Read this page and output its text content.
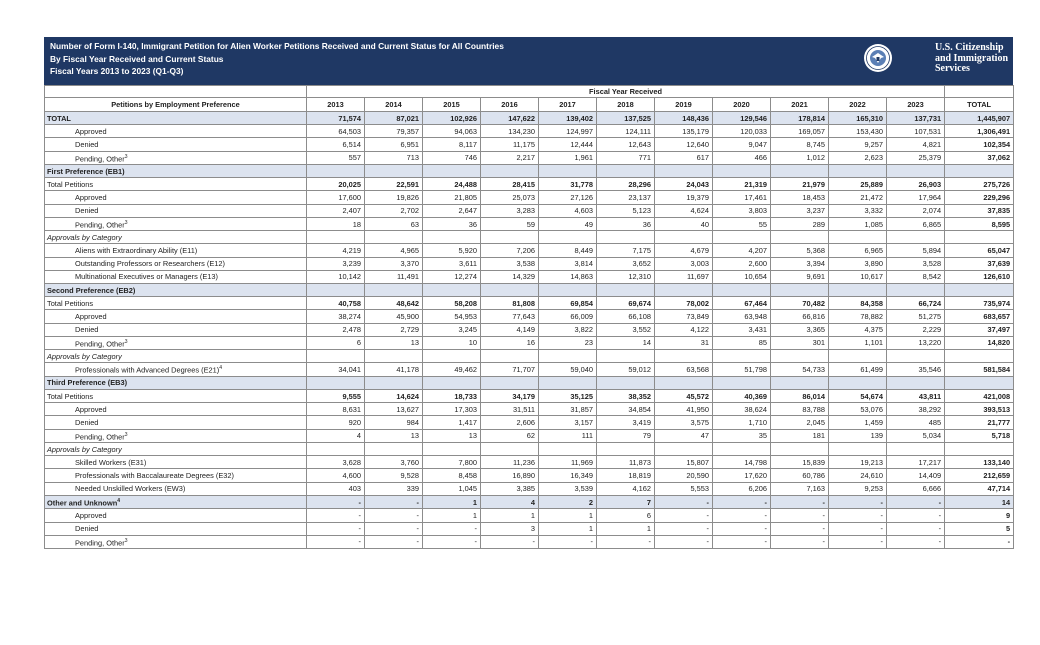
Number of Form I-140, Immigrant Petition for Alien Worker Petitions Received and Current Status for All Countries
By Fiscal Year Received and Current Status
Fiscal Years 2013 to 2023 (Q1-Q3)
U.S. Citizenship
and Immigration
Services
	Fiscal Year Received											
Petitions by Employment Preference	2013	2014	2015	2016	2017	2018	2019	2020	2021	2022	2023	TOTAL
TOTAL	71,574	87,021	102,926	147,622	139,402	137,525	148,436	129,546	178,814	165,310	137,731	1,445,907
Approved	64,503	79,357	94,063	134,230	124,997	124,111	135,179	120,033	169,057	153,430	107,531	1,306,491
Denied	6,514	6,951	8,117	11,175	12,444	12,643	12,640	9,047	8,745	9,257	4,821	102,354
Pending, Other$^3$	557	713	746	2,217	1,961	771	617	466	1,012	2,623	25,379	37,062
First Preference (EB1)												
Total Petitions	20,025	22,591	24,488	28,415	31,778	28,296	24,043	21,319	21,979	25,889	26,903	275,726
Approved	17,600	19,826	21,805	25,073	27,126	23,137	19,379	17,461	18,453	21,472	17,964	229,296
Denied	2,407	2,702	2,647	3,283	4,603	5,123	4,624	3,803	3,237	3,332	2,074	37,835
Pending, Other$^3$	18	63	36	59	49	36	40	55	289	1,085	6,865	8,595
Approvals by Category												
Aliens with Extraordinary Ability (E11)	4,219	4,965	5,920	7,206	8,449	7,175	4,679	4,207	5,368	6,965	5,894	65,047
Outstanding Professors or Researchers (E12)	3,239	3,370	3,611	3,538	3,814	3,652	3,003	2,600	3,394	3,890	3,528	37,639
Multinational Executives or Managers (E13)	10,142	11,491	12,274	14,329	14,863	12,310	11,697	10,654	9,691	10,617	8,542	126,610
Second Preference (EB2)												
Total Petitions	40,758	48,642	58,208	81,808	69,854	69,674	78,002	67,464	70,482	84,358	66,724	735,974
Approved	38,274	45,900	54,953	77,643	66,009	66,108	73,849	63,948	66,816	78,882	51,275	683,657
Denied	2,478	2,729	3,245	4,149	3,822	3,552	4,122	3,431	3,365	4,375	2,229	37,497
Pending, Other$^3$	6	13	10	16	23	14	31	85	301	1,101	13,220	14,820
Approvals by Category												
Professionals with Advanced Degrees $(E21)^4$	34,041	41,178	49,462	71,707	59,040	59,012	63,568	51,798	54,733	61,499	35,546	581,584
Third Preference (EB3)												
Total Petitions	9,555	14,624	18,733	34,179	35,125	38,352	45,572	40,369	86,014	54,674	43,811	421,008
Approved	8,631	13,627	17,303	31,511	31,857	34,854	41,950	38,624	83,788	53,076	38,292	393,513
Denied	920	984	1,417	2,606	3,157	3,419	3,575	1,710	2,045	1,459	485	21,777
Pending, Other$^3$	4	13	13	62	111	79	47	35	181	139	5,034	5,718
Approvals by Category												
Skilled Workers (E31)	3,628	3,760	7,800	11,236	11,969	11,873	15,807	14,798	15,839	19,213	17,217	133,140
Professionals with Baccalaureate Degrees (E32)	4,600	9,528	8,458	16,890	16,349	18,819	20,590	17,620	60,786	24,610	14,409	212,659
Needed Unskilled Workers (EW3)	403	339	1,045	3,385	3,539	4,162	5,553	6,206	7,163	9,253	6,666	47,714
Other and Unknown$^4$	-	-	1	4	2	7	-	-	-	-	-	14
Approved	-	-	1	1	1	6	-	-	-	-	-	9
Denied	-	-	-	3	1	1	-	-	-	-	-	5
Pending, Other$^3$	-	-	-	-	-	-	-	-	-	-	-	-
